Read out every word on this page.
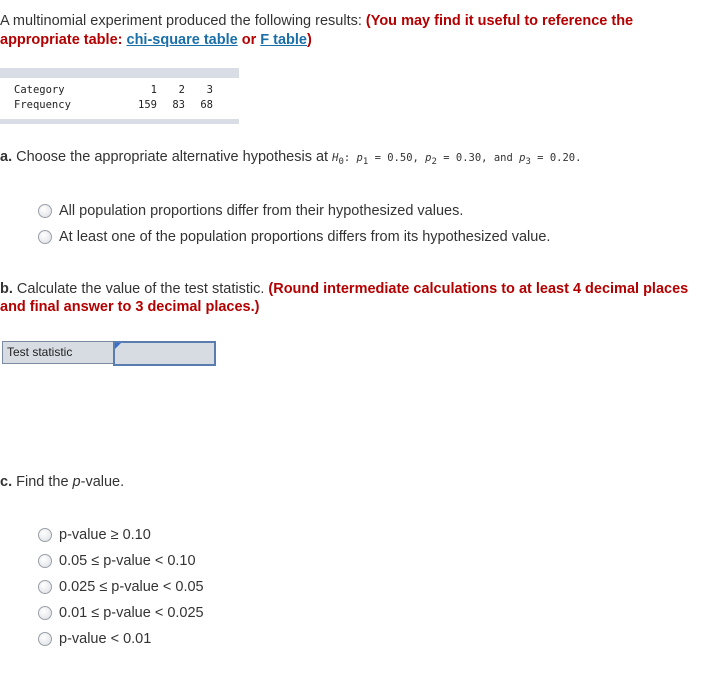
A multinomial experiment produced the following results: (You may find it useful to reference the appropriate table: chi-square table or F table)
Category	1	2	3
Frequency	159	83	68
a. Choose the appropriate alternative hypothesis at $H_0$: $p_1 = 0.50$, $p_2 = 0.30$, and $p_3 = 0.20$.
All population proportions differ from their hypothesized values.
At least one of the population proportions differs from its hypothesized value.
b. Calculate the value of the test statistic. (Round intermediate calculations to at least 4 decimal places and final answer to 3 decimal places.)
Test statistic
c. Find the p-value.
p-value ≥ 0.10
0.05 ≤ p-value < 0.10
0.025 ≤ p-value < 0.05
0.01 ≤ p-value < 0.025
p-value < 0.01
